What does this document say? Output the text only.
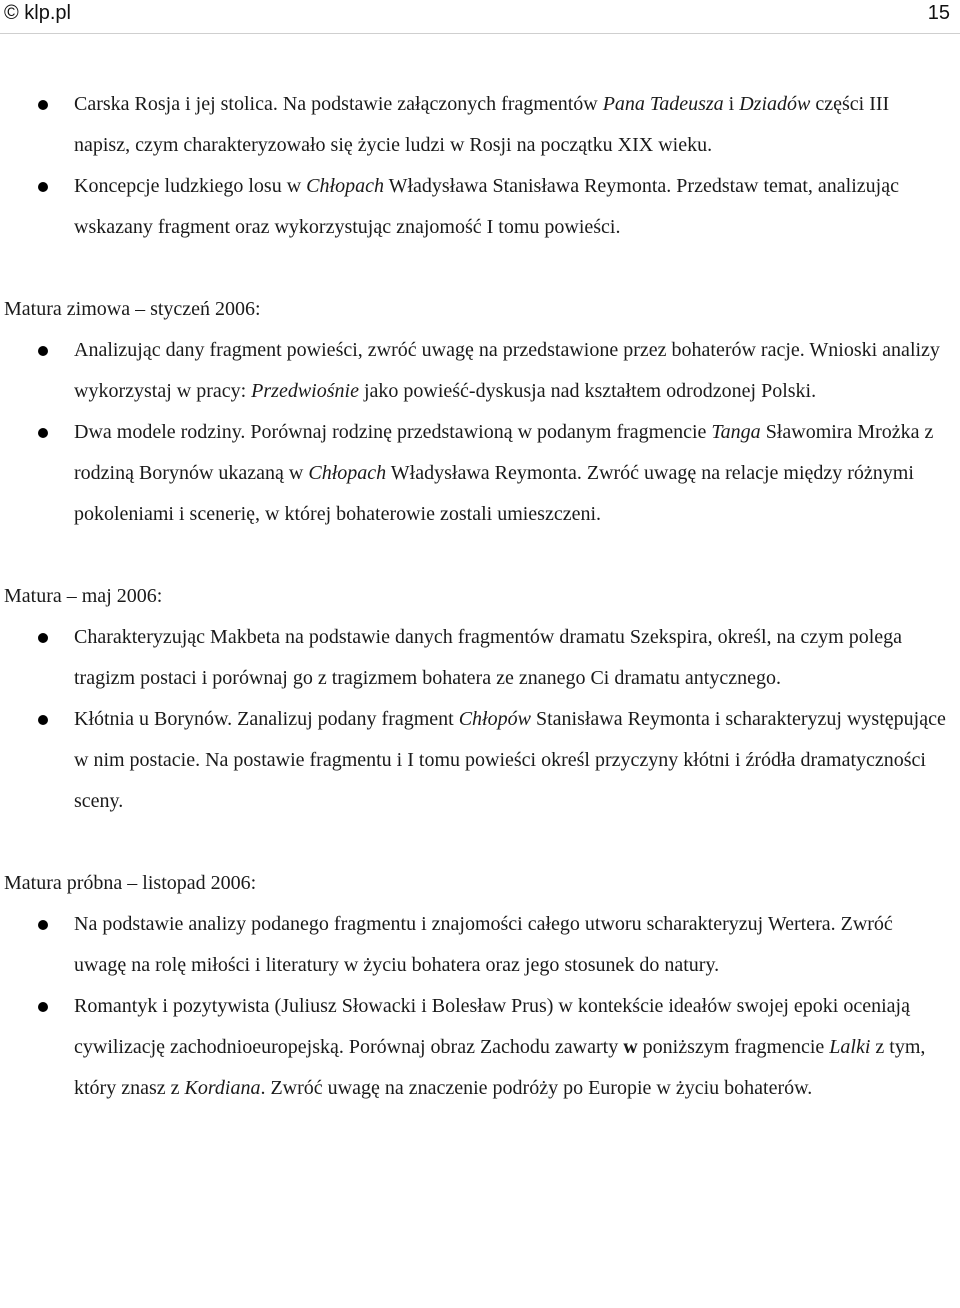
© klp.pl	15
Carska Rosja i jej stolica. Na podstawie załączonych fragmentów Pana Tadeusza i Dziadów części III napisz, czym charakteryzowało się życie ludzi w Rosji na początku XIX wieku.
Koncepcje ludzkiego losu w Chłopach Władysława Stanisława Reymonta. Przedstaw temat, analizując wskazany fragment oraz wykorzystując znajomość I tomu powieści.
Matura zimowa – styczeń 2006:
Analizując dany fragment powieści, zwróć uwagę na przedstawione przez bohaterów racje. Wnioski analizy wykorzystaj w pracy: Przedwiośnie jako powieść-dyskusja nad kształtem odrodzonej Polski.
Dwa modele rodziny. Porównaj rodzinę przedstawioną w podanym fragmencie Tanga Sławomira Mrożka z rodziną Borynów ukazaną w Chłopach Władysława Reymonta. Zwróć uwagę na relacje między różnymi pokoleniami i scenerię, w której bohaterowie zostali umieszczeni.
Matura – maj 2006:
Charakteryzując Makbeta na podstawie danych fragmentów dramatu Szekspira, określ, na czym polega tragizm postaci i porównaj go z tragizmem bohatera ze znanego Ci dramatu antycznego.
Kłótnia u Borynów. Zanalizuj podany fragment Chłopów Stanisława Reymonta i scharakteryzuj występujące w nim postacie. Na postawie fragmentu i I tomu powieści określ przyczyny kłótni i źródła dramatyczności sceny.
Matura próbna – listopad 2006:
Na podstawie analizy podanego fragmentu i znajomości całego utworu scharakteryzuj Wertera. Zwróć uwagę na rolę miłości i literatury w życiu bohatera oraz jego stosunek do natury.
Romantyk i pozytywista (Juliusz Słowacki i Bolesław Prus) w kontekście ideałów swojej epoki oceniają cywilizację zachodnioeuropejską. Porównaj obraz Zachodu zawarty w poniższym fragmencie Lalki z tym, który znasz z Kordiana. Zwróć uwagę na znaczenie podróży po Europie w życiu bohaterów.
